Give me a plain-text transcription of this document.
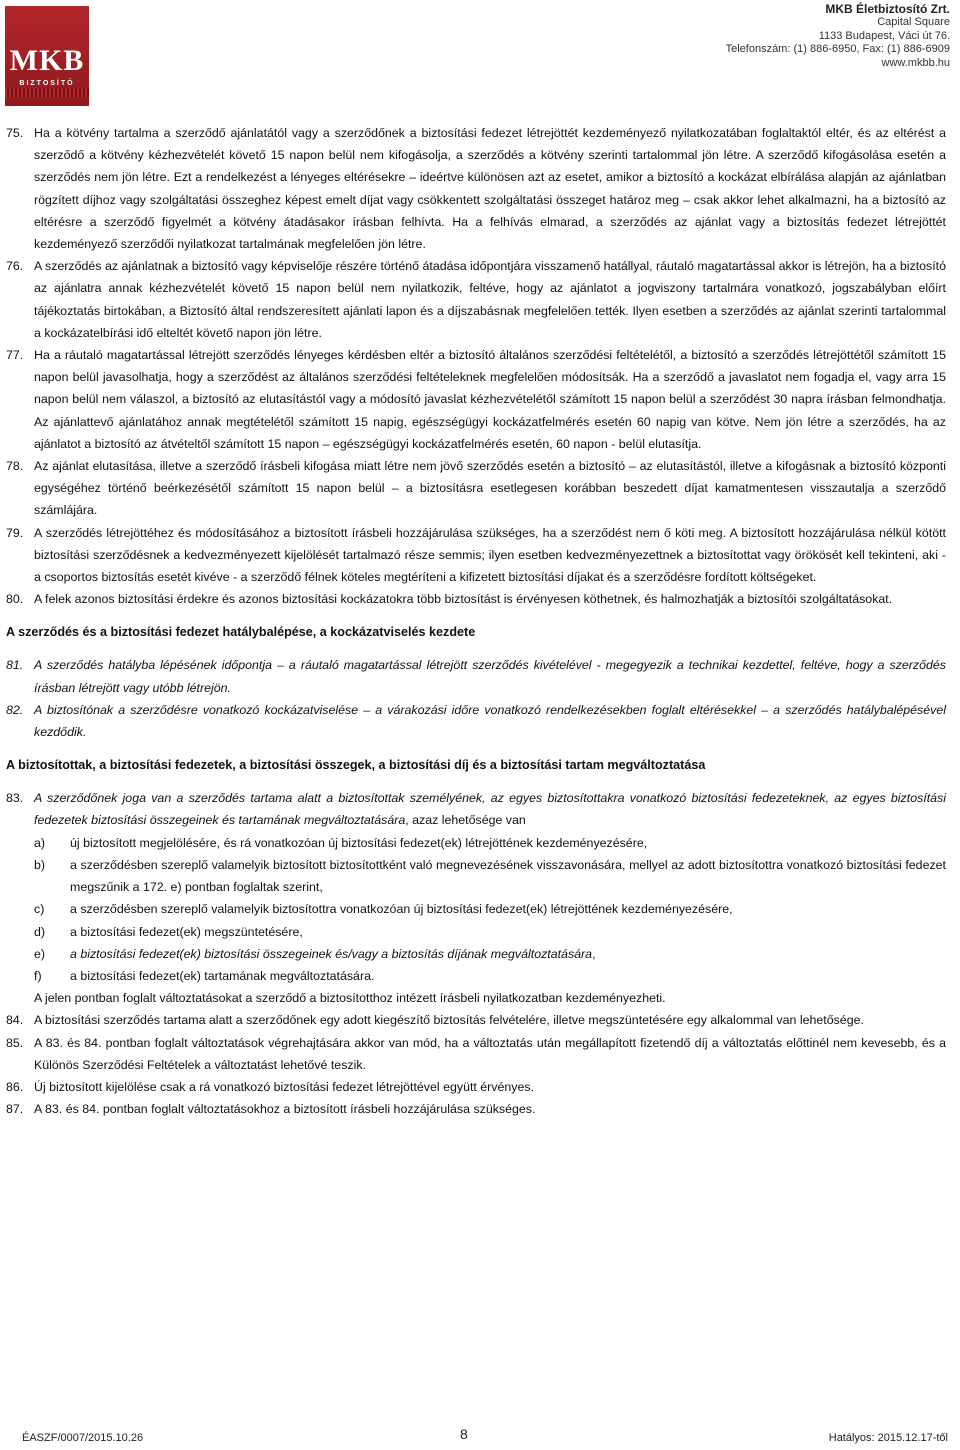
MKB
BIZTOSÍTÓ
MKB Életbiztosító Zrt.
Capital Square
1133 Budapest, Váci út 76.
Telefonszám: (1) 886-6950, Fax: (1) 886-6909
www.mkbb.hu
75. Ha a kötvény tartalma a szerződő ajánlatától vagy a szerződőnek a biztosítási fedezet létrejöttét kezdeményező nyilatkozatában foglaltaktól eltér, és az eltérést a szerződő a kötvény kézhezvételét követő 15 napon belül nem kifogásolja, a szerződés a kötvény szerinti tartalommal jön létre. A szerződő kifogásolása esetén a szerződés nem jön létre. Ezt a rendelkezést a lényeges eltérésekre – ideértve különösen azt az esetet, amikor a biztosító a kockázat elbírálása alapján az ajánlatban rögzített díjhoz vagy szolgáltatási összeghez képest emelt díjat vagy csökkentett szolgáltatási összeget határoz meg – csak akkor lehet alkalmazni, ha a biztosító az eltérésre a szerződő figyelmét a kötvény átadásakor írásban felhívta. Ha a felhívás elmarad, a szerződés az ajánlat vagy a biztosítás fedezet létrejöttét kezdeményező szerződői nyilatkozat tartalmának megfelelően jön létre.
76. A szerződés az ajánlatnak a biztosító vagy képviselője részére történő átadása időpontjára visszamenő hatállyal, ráutaló magatartással akkor is létrejön, ha a biztosító az ajánlatra annak kézhezvételét követő 15 napon belül nem nyilatkozik, feltéve, hogy az ajánlatot a jogviszony tartalmára vonatkozó, jogszabályban előírt tájékoztatás birtokában, a Biztosító által rendszeresített ajánlati lapon és a díjszabásnak megfelelően tették. Ilyen esetben a szerződés az ajánlat szerinti tartalommal a kockázatelbírási idő elteltét követő napon jön létre.
77. Ha a ráutaló magatartással létrejött szerződés lényeges kérdésben eltér a biztosító általános szerződési feltételétől, a biztosító a szerződés létrejöttétől számított 15 napon belül javasolhatja, hogy a szerződést az általános szerződési feltételeknek megfelelően módosítsák. Ha a szerződő a javaslatot nem fogadja el, vagy arra 15 napon belül nem válaszol, a biztosító az elutasítástól vagy a módosító javaslat kézhezvételétől számított 15 napon belül a szerződést 30 napra írásban felmondhatja. Az ajánlattevő ajánlatához annak megtételétől számított 15 napig, egészségügyi kockázatfelmérés esetén 60 napig van kötve. Nem jön létre a szerződés, ha az ajánlatot a biztosító az átvételtől számított 15 napon – egészségügyi kockázatfelmérés esetén, 60 napon - belül elutasítja.
78. Az ajánlat elutasítása, illetve a szerződő írásbeli kifogása miatt létre nem jövő szerződés esetén a biztosító – az elutasítástól, illetve a kifogásnak a biztosító központi egységéhez történő beérkezésétől számított 15 napon belül – a biztosításra esetlegesen korábban beszedett díjat kamatmentesen visszautalja a szerződő számlájára.
79. A szerződés létrejöttéhez és módosításához a biztosított írásbeli hozzájárulása szükséges, ha a szerződést nem ő köti meg. A biztosított hozzájárulása nélkül kötött biztosítási szerződésnek a kedvezményezett kijelölését tartalmazó része semmis; ilyen esetben kedvezményezettnek a biztosítottat vagy örökösét kell tekinteni, aki - a csoportos biztosítás esetét kivéve - a szerződő félnek köteles megtéríteni a kifizetett biztosítási díjakat és a szerződésre fordított költségeket.
80. A felek azonos biztosítási érdekre és azonos biztosítási kockázatokra több biztosítást is érvényesen köthetnek, és halmozhatják a biztosítói szolgáltatásokat.
A szerződés és a biztosítási fedezet hatálybalépése, a kockázatviselés kezdete
81. A szerződés hatályba lépésének időpontja – a ráutaló magatartással létrejött szerződés kivételével - megegyezik a technikai kezdettel, feltéve, hogy a szerződés írásban létrejött vagy utóbb létrejön.
82. A biztosítónak a szerződésre vonatkozó kockázatviselése – a várakozási időre vonatkozó rendelkezésekben foglalt eltérésekkel – a szerződés hatálybalépésével kezdődik.
A biztosítottak, a biztosítási fedezetek, a biztosítási összegek, a biztosítási díj és a biztosítási tartam megváltoztatása
83. A szerződőnek joga van a szerződés tartama alatt a biztosítottak személyének, az egyes biztosítottakra vonatkozó biztosítási fedezeteknek, az egyes biztosítási fedezetek biztosítási összegeinek és tartamának megváltoztatására, azaz lehetősége van
a) új biztosított megjelölésére, és rá vonatkozóan új biztosítási fedezet(ek) létrejöttének kezdeményezésére,
b) a szerződésben szereplő valamelyik biztosított biztosítottként való megnevezésének visszavonására, mellyel az adott biztosítottra vonatkozó biztosítási fedezet megszűnik a 172. e) pontban foglaltak szerint,
c) a szerződésben szereplő valamelyik biztosítottra vonatkozóan új biztosítási fedezet(ek) létrejöttének kezdeményezésére,
d) a biztosítási fedezet(ek) megszüntetésére,
e) a biztosítási fedezet(ek) biztosítási összegeinek és/vagy a biztosítás díjának megváltoztatására,
f) a biztosítási fedezet(ek) tartamának megváltoztatására.
A jelen pontban foglalt változtatásokat a szerződő a biztosítotthoz intézett írásbeli nyilatkozatban kezdeményezheti.
84. A biztosítási szerződés tartama alatt a szerződőnek egy adott kiegészítő biztosítás felvételére, illetve megszüntetésére egy alkalommal van lehetősége.
85. A 83. és 84. pontban foglalt változtatások végrehajtására akkor van mód, ha a változtatás után megállapított fizetendő díj a változtatás előttinél nem kevesebb, és a Különös Szerződési Feltételek a változtatást lehetővé teszik.
86. Új biztosított kijelölése csak a rá vonatkozó biztosítási fedezet létrejöttével együtt érvényes.
87. A 83. és 84. pontban foglalt változtatásokhoz a biztosított írásbeli hozzájárulása szükséges.
ÉASZF/0007/2015.10.26	8	Hatályos: 2015.12.17-től
